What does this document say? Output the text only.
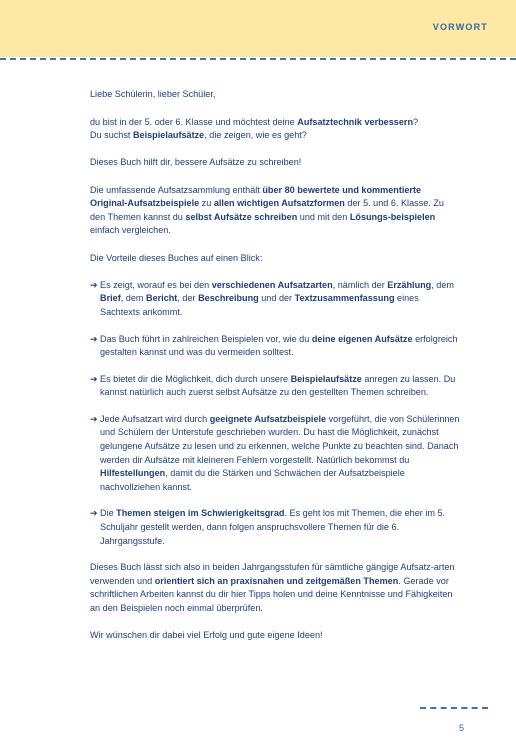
VORWORT

Liebe Schülerin, lieber Schüler,

du bist in der 5. oder 6. Klasse und möchtest deine Aufsatztechnik verbessern?
Du suchst Beispielaufsätze, die zeigen, wie es geht?

Dieses Buch hilft dir, bessere Aufsätze zu schreiben!

Die umfassende Aufsatzsammlung enthält über 80 bewertete und kommentierte Original-Aufsatzbeispiele zu allen wichtigen Aufsatzformen der 5. und 6. Klasse. Zu den Themen kannst du selbst Aufsätze schreiben und mit den Lösungs-beispielen einfach vergleichen.

Die Vorteile dieses Buches auf einen Blick:

➔ Es zeigt, worauf es bei den verschiedenen Aufsatzarten, nämlich der Erzählung, dem Brief, dem Bericht, der Beschreibung und der Textzusammenfassung eines Sachtexts ankommt.
➔ Das Buch führt in zahlreichen Beispielen vor, wie du deine eigenen Aufsätze erfolgreich gestalten kannst und was du vermeiden solltest.
➔ Es bietet dir die Möglichkeit, dich durch unsere Beispielaufsätze anregen zu lassen. Du kannst natürlich auch zuerst selbst Aufsätze zu den gestellten Themen schreiben.
➔ Jede Aufsatzart wird durch geeignete Aufsatzbeispiele vorgeführt, die von Schülerinnen und Schülern der Unterstufe geschrieben wurden. Du hast die Möglichkeit, zunächst gelungene Aufsätze zu lesen und zu erkennen, welche Punkte zu beachten sind. Danach werden dir Aufsätze mit kleineren Fehlern vorgestellt. Natürlich bekommst du Hilfestellungen, damit du die Stärken und Schwächen der Aufsatzbeispiele nachvollziehen kannst.
➔ Die Themen steigen im Schwierigkeitsgrad. Es geht los mit Themen, die eher im 5. Schuljahr gestellt werden, dann folgen anspruchsvollere Themen für die 6. Jahrgangsstufe.

Dieses Buch lässt sich also in beiden Jahrgangsstufen für sämtliche gängige Aufsatz-arten verwenden und orientiert sich an praxisnahen und zeitgemäßen Themen. Gerade vor schriftlichen Arbeiten kannst du dir hier Tipps holen und deine Kenntnisse und Fähigkeiten an den Beispielen noch einmal überprüfen.

Wir wünschen dir dabei viel Erfolg und gute eigene Ideen!

5
